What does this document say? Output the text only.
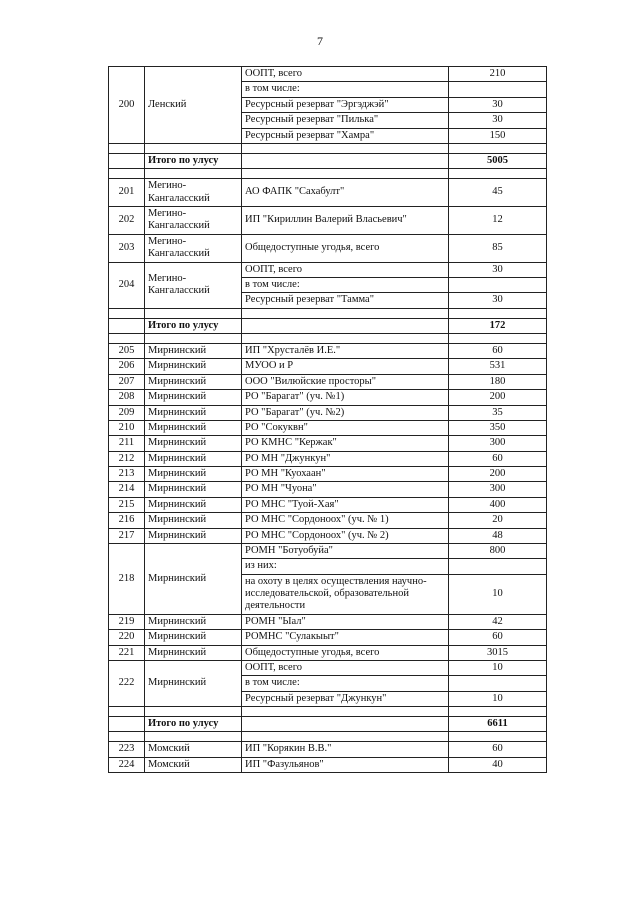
7
200	Ленский	ООПТ, всего	210
		в том числе:	
		Ресурсный резерват "Эргэджэй"	30
		Ресурсный резерват "Пилька"	30
		Ресурсный резерват "Хамра"	150

	Итого по улусу		5005

201	Мегино-Кангаласский	АО ФАПК "Сахабулт"	45
202	Мегино-Кангаласский	ИП "Кириллин Валерий Власьевич"	12
203	Мегино-Кангаласский	Общедоступные угодья, всего	85
204	Мегино-Кангаласский	ООПТ, всего	30
		в том числе:	
		Ресурсный резерват "Тамма"	30

	Итого по улусу		172

205	Мирнинский	ИП "Хрусталёв И.Е."	60
206	Мирнинский	МУОО и Р	531
207	Мирнинский	ООО "Вилюйские просторы"	180
208	Мирнинский	РО "Барагат" (уч. №1)	200
209	Мирнинский	РО "Барагат" (уч. №2)	35
210	Мирнинский	РО "Сокуквн"	350
211	Мирнинский	РО КМНС "Кержак"	300
212	Мирнинский	РО МН "Джункун"	60
213	Мирнинский	РО МН "Куохаан"	200
214	Мирнинский	РО МН "Чуона"	300
215	Мирнинский	РО МНС "Туой-Хая"	400
216	Мирнинский	РО МНС "Сордоноох" (уч. № 1)	20
217	Мирнинский	РО МНС "Сордоноох" (уч. № 2)	48
218	Мирнинский	РОМН "Ботуобуйа"	800
		из них:	
		на охоту в целях осуществления научно-исследовательской, образовательной деятельности	10
219	Мирнинский	РОМН "Ыал"	42
220	Мирнинский	РОМНС "Сулакыыт"	60
221	Мирнинский	Общедоступные угодья, всего	3015
222	Мирнинский	ООПТ, всего	10
		в том числе:	
		Ресурсный резерват "Джункун"	10

	Итого по улусу		6611

223	Момский	ИП "Корякин В.В."	60
224	Момский	ИП "Фазульянов"	40
